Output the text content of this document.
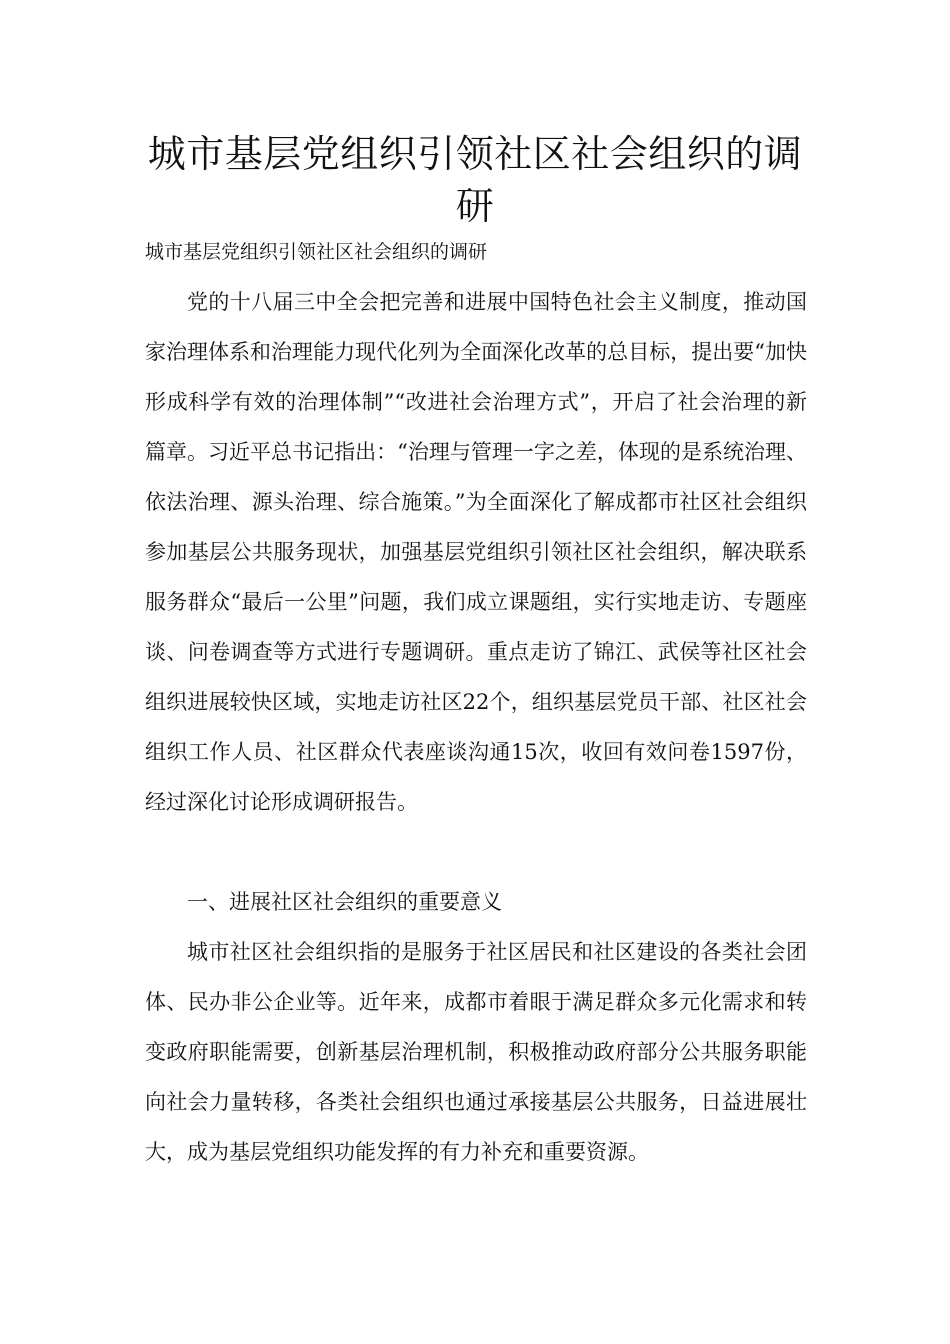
城市基层党组织引领社区社会组织的调研

城市基层党组织引领社区社会组织的调研

党的十八届三中全会把完善和进展中国特色社会主义制度，推动国家治理体系和治理能力现代化列为全面深化改革的总目标，提出要“加快形成科学有效的治理体制”“改进社会治理方式”，开启了社会治理的新篇章。习近平总书记指出：“治理与管理一字之差，体现的是系统治理、依法治理、源头治理、综合施策。”为全面深化了解成都市社区社会组织参加基层公共服务现状，加强基层党组织引领社区社会组织，解决联系服务群众“最后一公里”问题，我们成立课题组，实行实地走访、专题座谈、问卷调查等方式进行专题调研。重点走访了锦江、武侯等社区社会组织进展较快区域，实地走访社区22个，组织基层党员干部、社区社会组织工作人员、社区群众代表座谈沟通15次，收回有效问卷1597份，经过深化讨论形成调研报告。

一、进展社区社会组织的重要意义

城市社区社会组织指的是服务于社区居民和社区建设的各类社会团体、民办非公企业等。近年来，成都市着眼于满足群众多元化需求和转变政府职能需要，创新基层治理机制，积极推动政府部分公共服务职能向社会力量转移，各类社会组织也通过承接基层公共服务，日益进展壮大，成为基层党组织功能发挥的有力补充和重要资源。
